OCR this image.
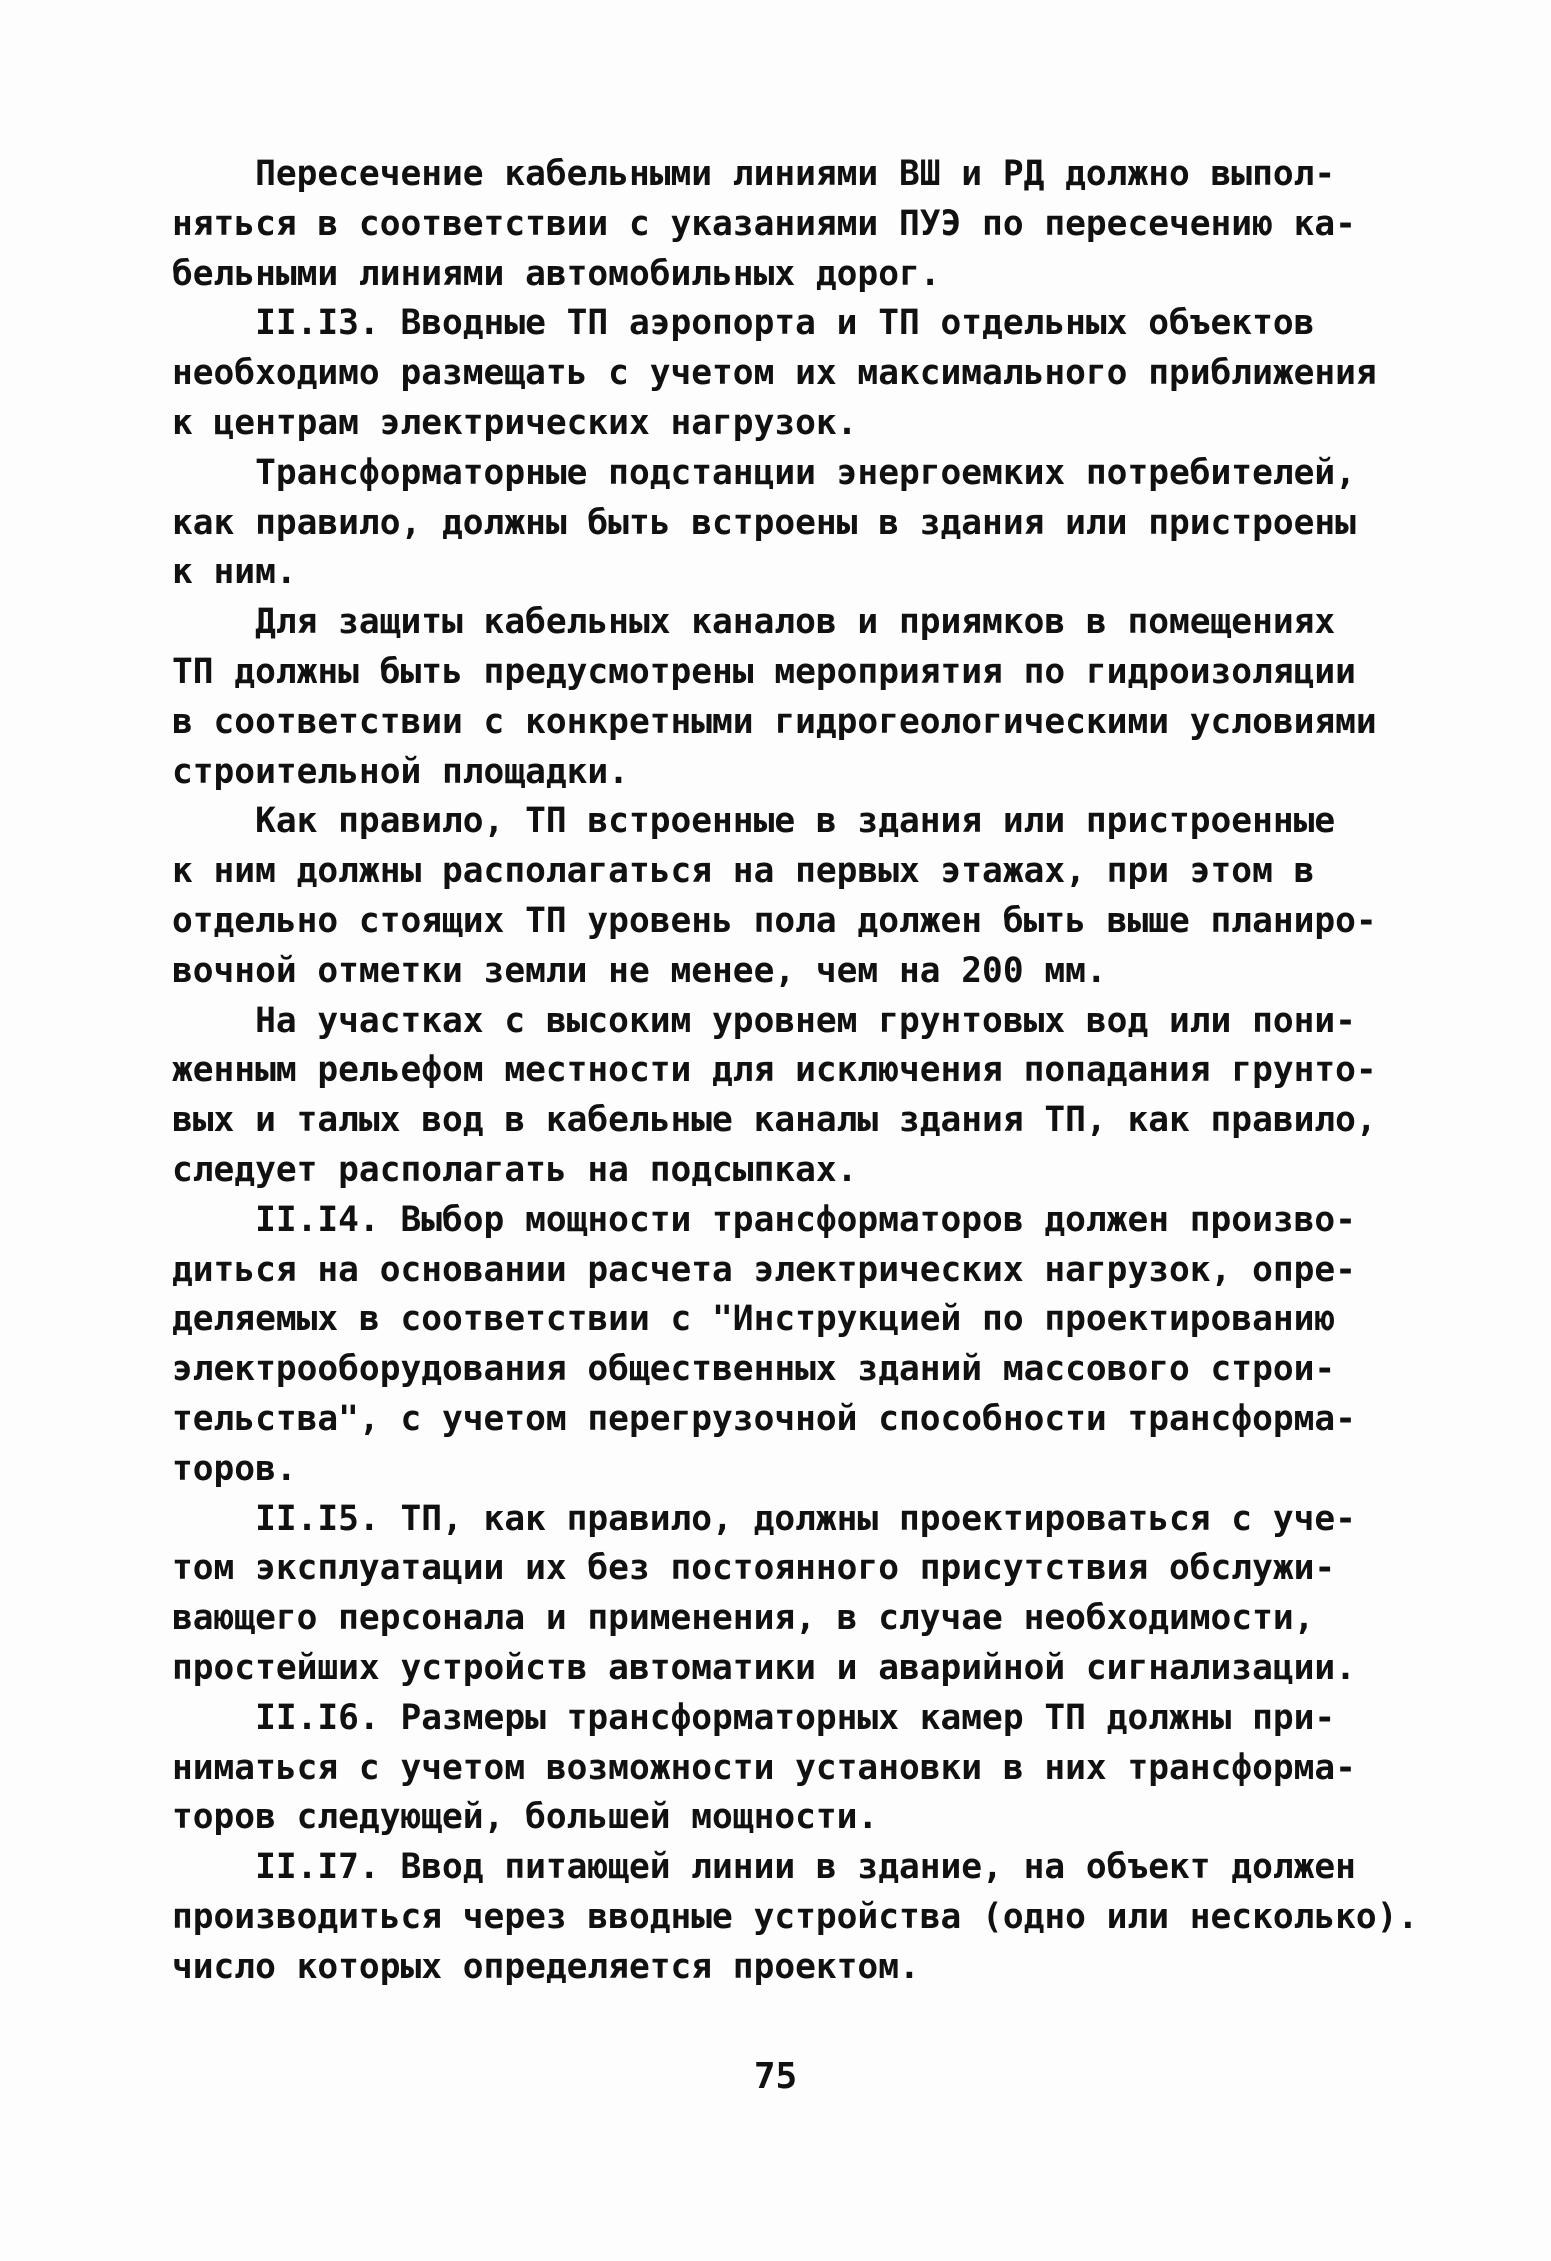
Пересечение кабельными линиями ВШ и РД должно выпол-
няться в соответствии с указаниями ПУЭ по пересечению ка-
бельными линиями автомобильных дорог.
II.I3. Вводные ТП аэропорта и ТП отдельных объектов
необходимо размещать с учетом их максимального приближения
к центрам электрических нагрузок.
Трансформаторные подстанции энергоемких потребителей,
как правило, должны быть встроены в здания или пристроены
к ним.
Для защиты кабельных каналов и приямков в помещениях
ТП должны быть предусмотрены мероприятия по гидроизоляции
в соответствии с конкретными гидрогеологическими условиями
строительной площадки.
Как правило, ТП встроенные в здания или пристроенные
к ним должны располагаться на первых этажах, при этом в
отдельно стоящих ТП уровень пола должен быть выше планиро-
вочной отметки земли не менее, чем на 200 мм.
На участках с высоким уровнем грунтовых вод или пони-
женным рельефом местности для исключения попадания грунто-
вых и талых вод в кабельные каналы здания ТП, как правило,
следует располагать на подсыпках.
II.I4. Выбор мощности трансформаторов должен произво-
диться на основании расчета электрических нагрузок, опре-
деляемых в соответствии с "Инструкцией по проектированию
электрооборудования общественных зданий массового строи-
тельства", с учетом перегрузочной способности трансформа-
торов.
II.I5. ТП, как правило, должны проектироваться с уче-
том эксплуатации их без постоянного присутствия обслужи-
вающего персонала и применения, в случае необходимости,
простейших устройств автоматики и аварийной сигнализации.
II.I6. Размеры трансформаторных камер ТП должны при-
ниматься с учетом возможности установки в них трансформа-
торов следующей, большей мощности.
II.I7. Ввод питающей линии в здание, на объект должен
производиться через вводные устройства (одно или несколько).
число которых определяется проектом.
75
